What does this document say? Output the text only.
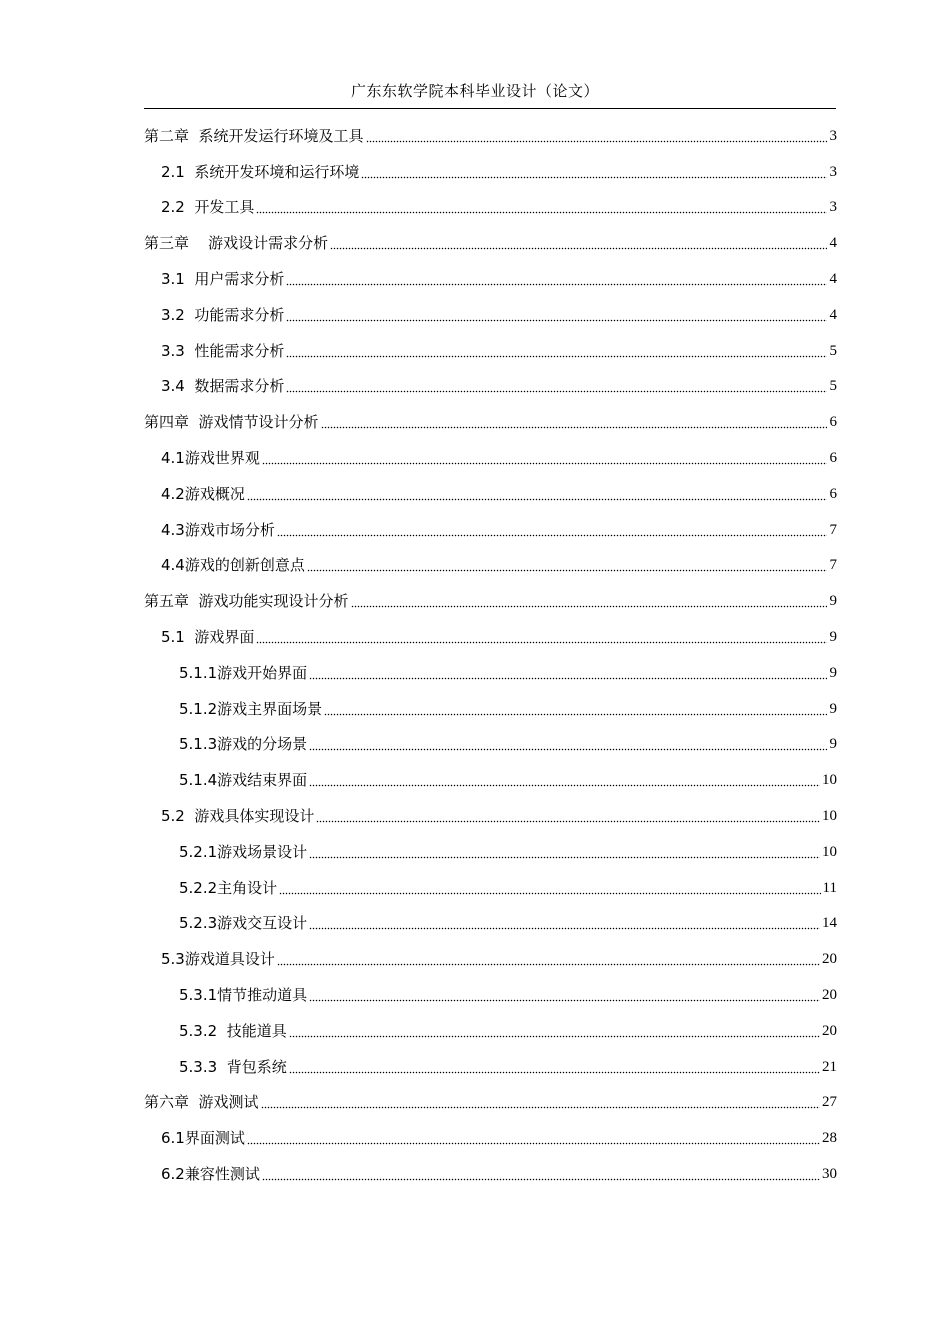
广东东软学院本科毕业设计（论文）
第二章  系统开发运行环境及工具	3
2.1  系统开发环境和运行环境	3
2.2  开发工具	3
第三章    游戏设计需求分析	4
3.1  用户需求分析	4
3.2  功能需求分析	4
3.3  性能需求分析	5
3.4  数据需求分析	5
第四章  游戏情节设计分析	6
4.1游戏世界观	6
4.2游戏概况	6
4.3游戏市场分析	7
4.4游戏的创新创意点	7
第五章  游戏功能实现设计分析	9
5.1  游戏界面	9
5.1.1游戏开始界面	9
5.1.2游戏主界面场景	9
5.1.3游戏的分场景	9
5.1.4游戏结束界面	10
5.2  游戏具体实现设计	10
5.2.1游戏场景设计	10
5.2.2主角设计	11
5.2.3游戏交互设计	14
5.3游戏道具设计	20
5.3.1情节推动道具	20
5.3.2  技能道具	20
5.3.3  背包系统	21
第六章  游戏测试	27
6.1界面测试	28
6.2兼容性测试	30
